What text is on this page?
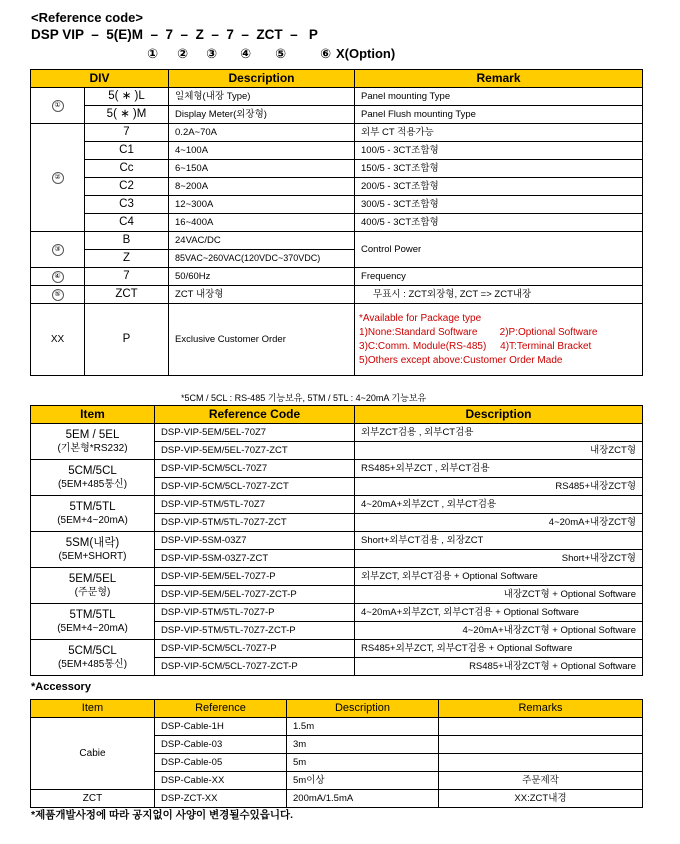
<Reference code>
DSP VIP  –  5(E)M  –  7  –  Z  –  7  –  ZCT  –   P
① ② ③ ④ ⑤	⑥ X(Option)
DIV		Description	Remark
①	5( ∗ )L	일체형(내장 Type)	Panel mounting Type
	5( ∗ )M	Display Meter(외장형)	Panel Flush mounting Type
②	7	0.2A~70A	외부 CT 적용가능
	C1	4~100A	100/5 - 3CT조합형
	Cc	6~150A	150/5 - 3CT조합형
	C2	8~200A	200/5 - 3CT조합형
	C3	12~300A	300/5 - 3CT조합형
	C4	16~400A	400/5 - 3CT조합형
③	B	24VAC/DC	Control Power
	Z	85VAC~260VAC(120VDC~370VDC)	
④	7	50/60Hz	Frequency
⑤	ZCT	ZCT 내장형	무표시 : ZCT외장형, ZCT => ZCT내장
XX	P	Exclusive Customer Order	*Available for Package type
1)None:Standard Software        2)P:Optional Software
3)C:Comm. Module(RS-485)     4)T:Terminal Bracket
5)Others except above:Customer Order Made
*5CM / 5CL : RS-485 기능보유, 5TM / 5TL : 4~20mA 기능보유
Item	Reference Code	Description

5EM / 5EL
(기본형*RS232)	DSP-VIP-5EM/5EL-70Z7	외부ZCT검용 , 외부CT검용
	DSP-VIP-5EM/5EL-70Z7-ZCT	내장ZCT형

5CM/5CL
(5EM+485통신)	DSP-VIP-5CM/5CL-70Z7	RS485+외부ZCT , 외부CT검용
	DSP-VIP-5CM/5CL-70Z7-ZCT	RS485+내장ZCT형

5TM/5TL
(5EM+4~20mA)	DSP-VIP-5TM/5TL-70Z7	4~20mA+외부ZCT , 외부CT검용
	DSP-VIP-5TM/5TL-70Z7-ZCT	4~20mA+내장ZCT형

5SM(내락)
(5EM+SHORT)	DSP-VIP-5SM-03Z7	Short+외부CT검용 , 외장ZCT
	DSP-VIP-5SM-03Z7-ZCT	Short+내장ZCT형

5EM/5EL
(주문형)	DSP-VIP-5EM/5EL-70Z7-P	외부ZCT, 외부CT검용 + Optional Software
	DSP-VIP-5EM/5EL-70Z7-ZCT-P	내장ZCT형 + Optional Software

5TM/5TL
(5EM+4~20mA)	DSP-VIP-5TM/5TL-70Z7-P	4~20mA+외부ZCT, 외부CT검용 + Optional Software
	DSP-VIP-5TM/5TL-70Z7-ZCT-P	4~20mA+내장ZCT형 + Optional Software

5CM/5CL
(5EM+485통신)	DSP-VIP-5CM/5CL-70Z7-P	RS485+외부ZCT, 외부CT검용 + Optional Software
	DSP-VIP-5CM/5CL-70Z7-ZCT-P	RS485+내장ZCT형 + Optional Software
*Accessory
Item	Reference	Description	Remarks
Cabie	DSP-Cable-1H	1.5m	
	DSP-Cable-03	3m	
	DSP-Cable-05	5m	
	DSP-Cable-XX	5m이상	주문제작
ZCT	DSP-ZCT-XX	200mA/1.5mA	XX:ZCT내경
*제품개발사정에 따라 공지없이 사양이 변경될수있읍니다.
